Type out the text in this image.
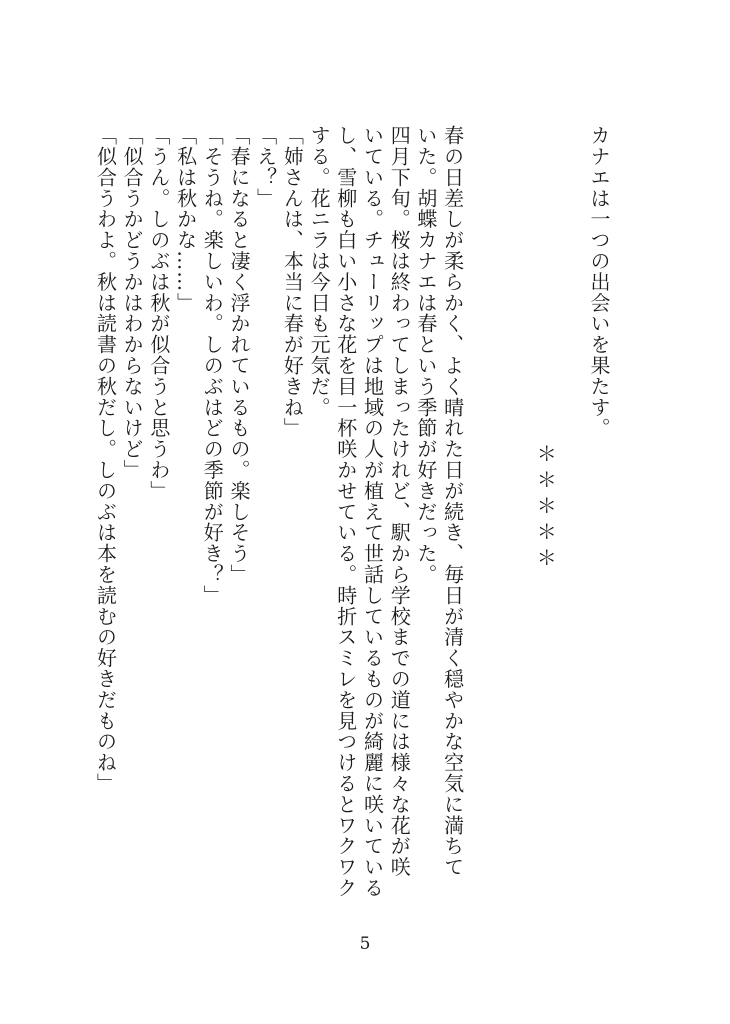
カナエは一つの出会いを果たす。
＊＊＊＊＊
春の日差しが柔らかく、よく晴れた日が続き、毎日が清く穏やかな空気に満ちて
いた。胡蝶カナエは春という季節が好きだった。
四月下旬。桜は終わってしまったけれど、駅から学校までの道には様々な花が咲
いている。チューリップは地域の人が植えて世話しているものが綺麗に咲いている
し、雪柳も白い小さな花を目一杯咲かせている。時折スミレを見つけるとワクワク
する。花ニラは今日も元気だ。
「姉さんは、本当に春が好きね」
「え？」
「春になると凄く浮かれているもの。楽しそう」
「そうね。楽しいわ。しのぶはどの季節が好き？」
「私は秋かな……」
「うん。しのぶは秋が似合うと思うわ」
「似合うかどうかはわからないけど」
「似合うわよ。秋は読書の秋だし。しのぶは本を読むの好きだものね」
5
